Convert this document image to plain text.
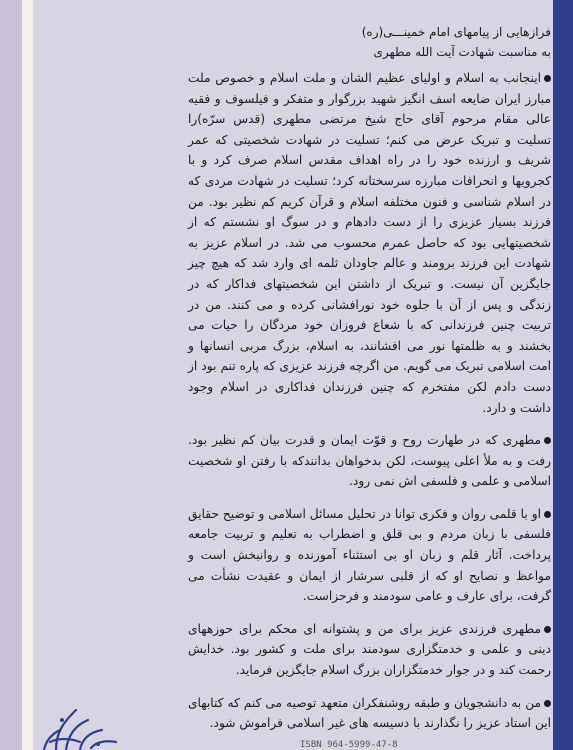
فرازهایی از پیامهای امام خمینـــی(ره)
به مناسبت شهادت آیت الله مطهری

اینجانب به اسلام و اولیای عظیم الشان و ملت اسلام و خصوص ملت مبارز ایران ضایعه اسف انگیز شهید بزرگوار و متفکر و فیلسوف و فقیه عالی مقام مرحوم آقای حاج شیخ مرتضی مطهری (قدس سرّه)را تسلیت و تبریک عرض می کنم؛ تسلیت در شهادت شخصیتی که عمر شریف و ارزنده خود را در راه اهداف مقدس اسلام صرف کرد و با کجرویها و انحرافات مبارزه سرسختانه کرد؛ تسلیت در شهادت مردی که در اسلام شناسی و فنون مختلفه اسلام و قرآن کریم کم نظیر بود. من فرزند بسیار عزیزی را از دست دادهام و در سوگ او نشستم که از شخصیتهایی بود که حاصل عمرم محسوب می شد. در اسلام عزیز به شهادت این فرزند برومند و عالم جاودان ثلمه ای وارد شد که هیچ چیز جایگزین آن نیست. و تبریک از داشتن این شخصیتهای فداکار که در زندگی و پس از آن با جلوه خود نورافشانی کرده و می کنند. من در تربیت چنین فرزندانی که با شعاع فروزان خود مردگان را حیات می بخشند و به ظلمتها نور می افشانند، به اسلام، بزرگ مربی انسانها و امت اسلامی تبریک می گویم. من اگرچه فرزند عزیزی که پاره تنم بود از دست دادم لکن مفتخرم که چنین فرزندان فداکاری در اسلام وجود داشت و دارد.

مطهری که در طهارت روح و قوّت ایمان و قدرت بیان کم نظیر بود. رفت و به ملأ اعلی پیوست، لکن بدخواهان بدانندکه با رفتن او شخصیت اسلامی و علمی و فلسفی اش نمی رود.

او با قلمی روان و فکری توانا در تحلیل مسائل اسلامی و توضیح حقایق فلسفی با زبان مردم و بی قلق و اضطراب به تعلیم و تربیت جامعه پرداخت. آثار قلم و زبان او بی استثناء آموزنده و روانبخش است و مواعظ و نصایح او که از قلبی سرشار از ایمان و عقیدت نشأت می گرفت، برای عارف و عامی سودمند و فرحزاست.

مطهری فرزندی عزیز برای من و پشتوانه ای محکم برای حوزههای دینی و علمی و خدمتگزاری سودمند برای ملت و کشور بود. خدایش رحمت کند و در جوار خدمتگزاران بزرگ اسلام جایگزین فرماید.

من به دانشجویان و طبقه روشنفکران متعهد توصیه می کنم که کتابهای این استاد عزیز را نگذارند با دسیسه های غیر اسلامی فراموش شود.

ISBN 964-5999-47-8
